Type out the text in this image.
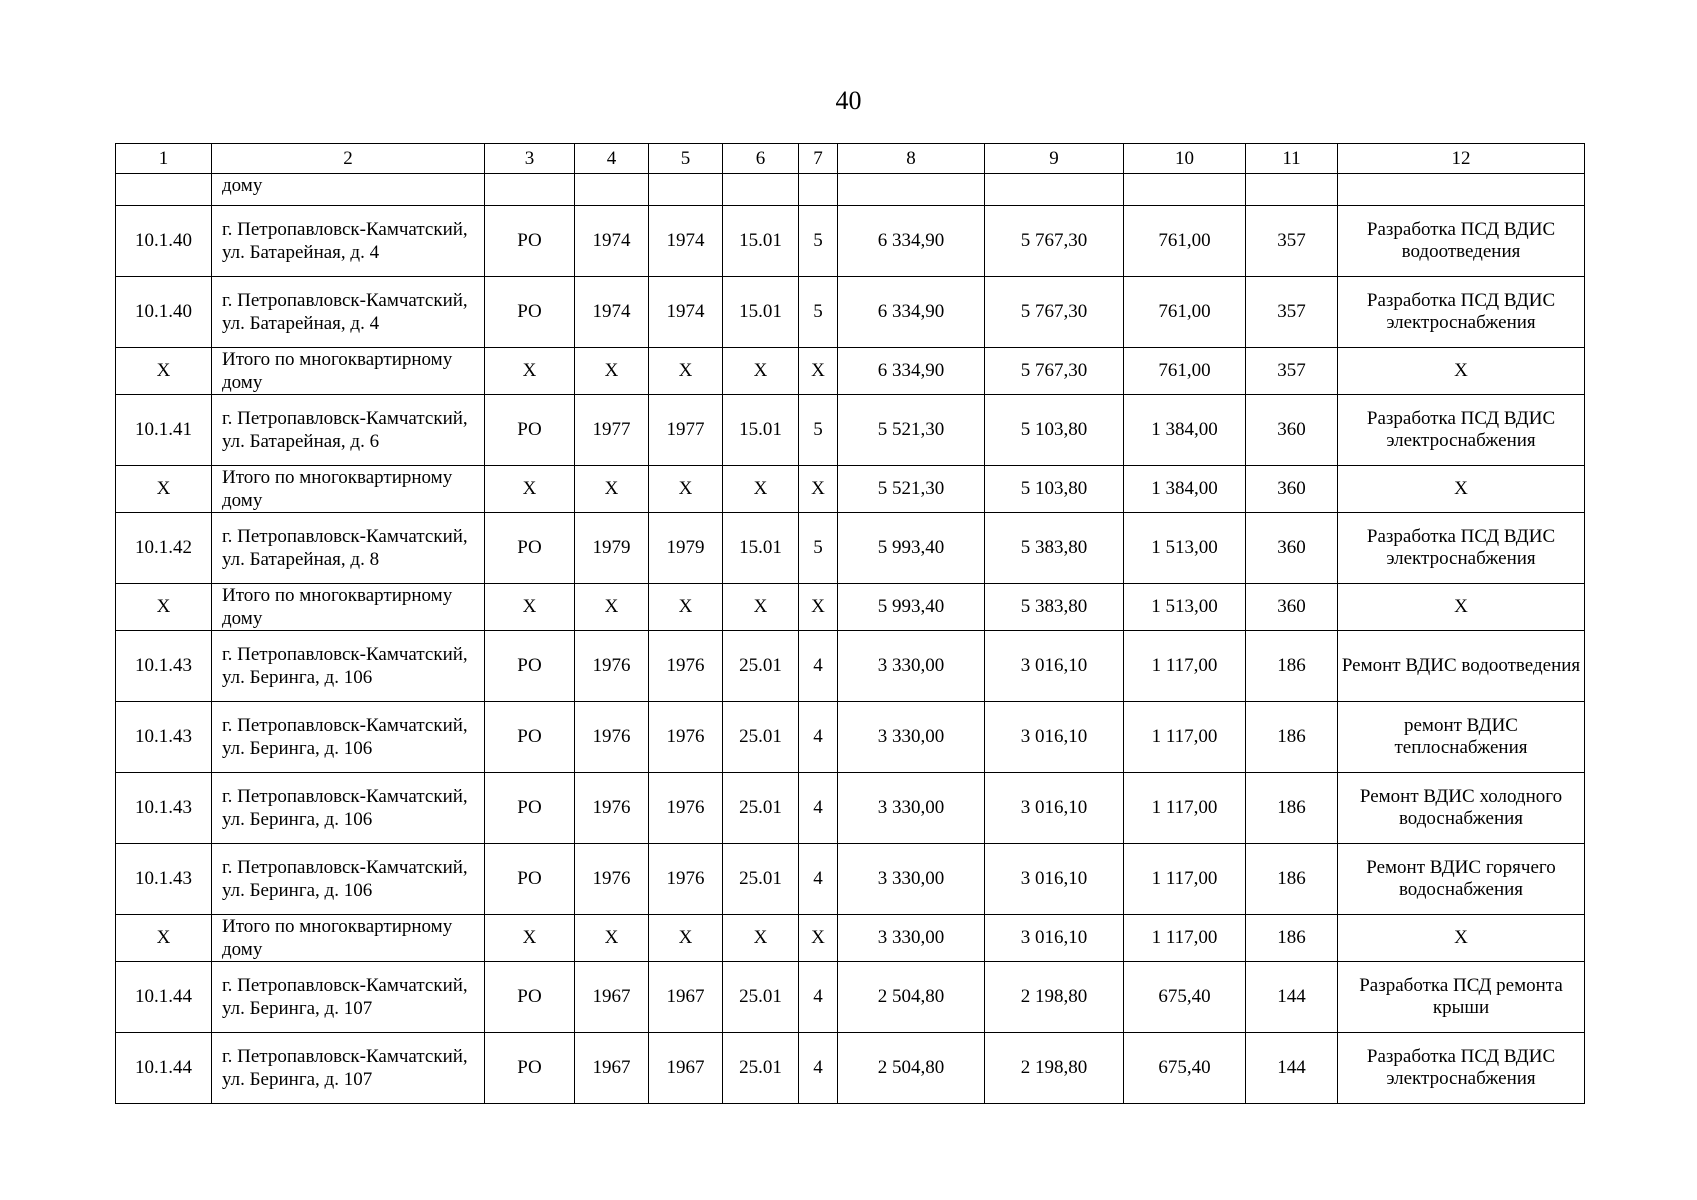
40
1	2	3	4	5	6	7	8	9	10	11	12
	дому										
10.1.40	г. Петропавловск-Камчатский, ул. Батарейная, д. 4	РО	1974	1974	15.01	5	6 334,90	5 767,30	761,00	357	Разработка ПСД ВДИС водоотведения
10.1.40	г. Петропавловск-Камчатский, ул. Батарейная, д. 4	РО	1974	1974	15.01	5	6 334,90	5 767,30	761,00	357	Разработка ПСД ВДИС электроснабжения
Х	Итого по многоквартирному дому	Х	Х	Х	Х	Х	6 334,90	5 767,30	761,00	357	Х
10.1.41	г. Петропавловск-Камчатский, ул. Батарейная, д. 6	РО	1977	1977	15.01	5	5 521,30	5 103,80	1 384,00	360	Разработка ПСД ВДИС электроснабжения
Х	Итого по многоквартирному дому	Х	Х	Х	Х	Х	5 521,30	5 103,80	1 384,00	360	Х
10.1.42	г. Петропавловск-Камчатский, ул. Батарейная, д. 8	РО	1979	1979	15.01	5	5 993,40	5 383,80	1 513,00	360	Разработка ПСД ВДИС электроснабжения
Х	Итого по многоквартирному дому	Х	Х	Х	Х	Х	5 993,40	5 383,80	1 513,00	360	Х
10.1.43	г. Петропавловск-Камчатский, ул. Беринга, д. 106	РО	1976	1976	25.01	4	3 330,00	3 016,10	1 117,00	186	Ремонт ВДИС водоотведения
10.1.43	г. Петропавловск-Камчатский, ул. Беринга, д. 106	РО	1976	1976	25.01	4	3 330,00	3 016,10	1 117,00	186	ремонт ВДИС теплоснабжения
10.1.43	г. Петропавловск-Камчатский, ул. Беринга, д. 106	РО	1976	1976	25.01	4	3 330,00	3 016,10	1 117,00	186	Ремонт ВДИС холодного водоснабжения
10.1.43	г. Петропавловск-Камчатский, ул. Беринга, д. 106	РО	1976	1976	25.01	4	3 330,00	3 016,10	1 117,00	186	Ремонт ВДИС горячего водоснабжения
Х	Итого по многоквартирному дому	Х	Х	Х	Х	Х	3 330,00	3 016,10	1 117,00	186	Х
10.1.44	г. Петропавловск-Камчатский, ул. Беринга, д. 107	РО	1967	1967	25.01	4	2 504,80	2 198,80	675,40	144	Разработка ПСД ремонта крыши
10.1.44	г. Петропавловск-Камчатский, ул. Беринга, д. 107	РО	1967	1967	25.01	4	2 504,80	2 198,80	675,40	144	Разработка ПСД ВДИС электроснабжения
